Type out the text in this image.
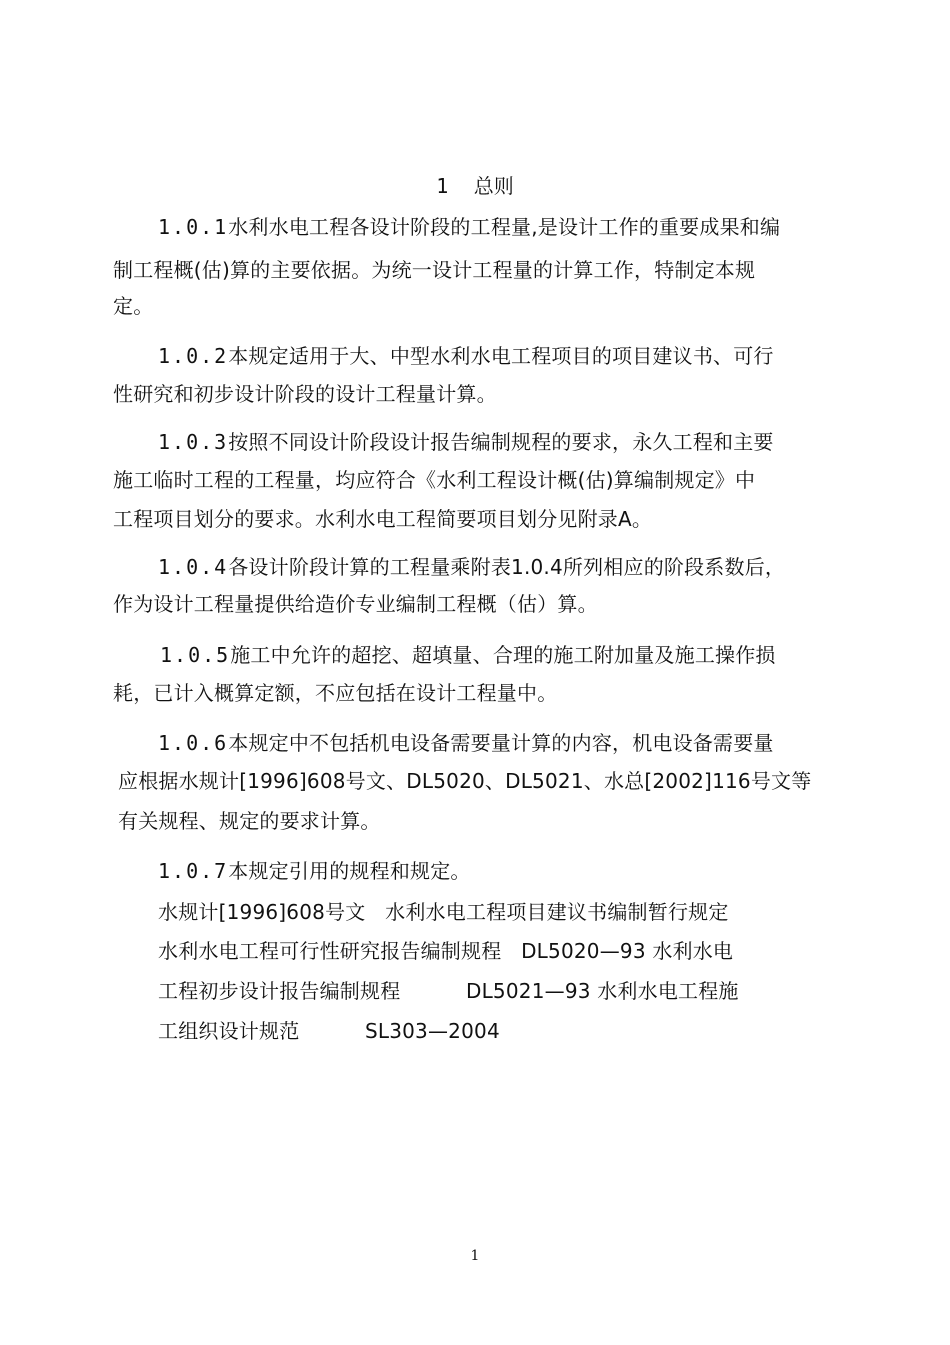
1 总则
1.0.1水利水电工程各设计阶段的工程量,是设计工作的重要成果和编
制工程概(估)算的主要依据。为统一设计工程量的计算工作，特制定本规
定。
1.0.2本规定适用于大、中型水利水电工程项目的项目建议书、可行
性研究和初步设计阶段的设计工程量计算。
1.0.3按照不同设计阶段设计报告编制规程的要求，永久工程和主要
施工临时工程的工程量，均应符合《水利工程设计概(估)算编制规定》中
工程项目划分的要求。水利水电工程简要项目划分见附录A。
1.0.4各设计阶段计算的工程量乘附表1.0.4所列相应的阶段系数后，
作为设计工程量提供给造价专业编制工程概（估）算。
1.0.5施工中允许的超挖、超填量、合理的施工附加量及施工操作损
耗，已计入概算定额，不应包括在设计工程量中。
1.0.6本规定中不包括机电设备需要量计算的内容，机电设备需要量
应根据水规计[1996]608号文、DL5020、DL5021、水总[2002]116号文等
有关规程、规定的要求计算。
1.0.7本规定引用的规程和规定。
水规计[1996]608号文   水利水电工程项目建议书编制暂行规定
水利水电工程可行性研究报告编制规程   DL5020—93 水利水电
工程初步设计报告编制规程          DL5021—93 水利水电工程施
工组织设计规范          SL303—2004
1
